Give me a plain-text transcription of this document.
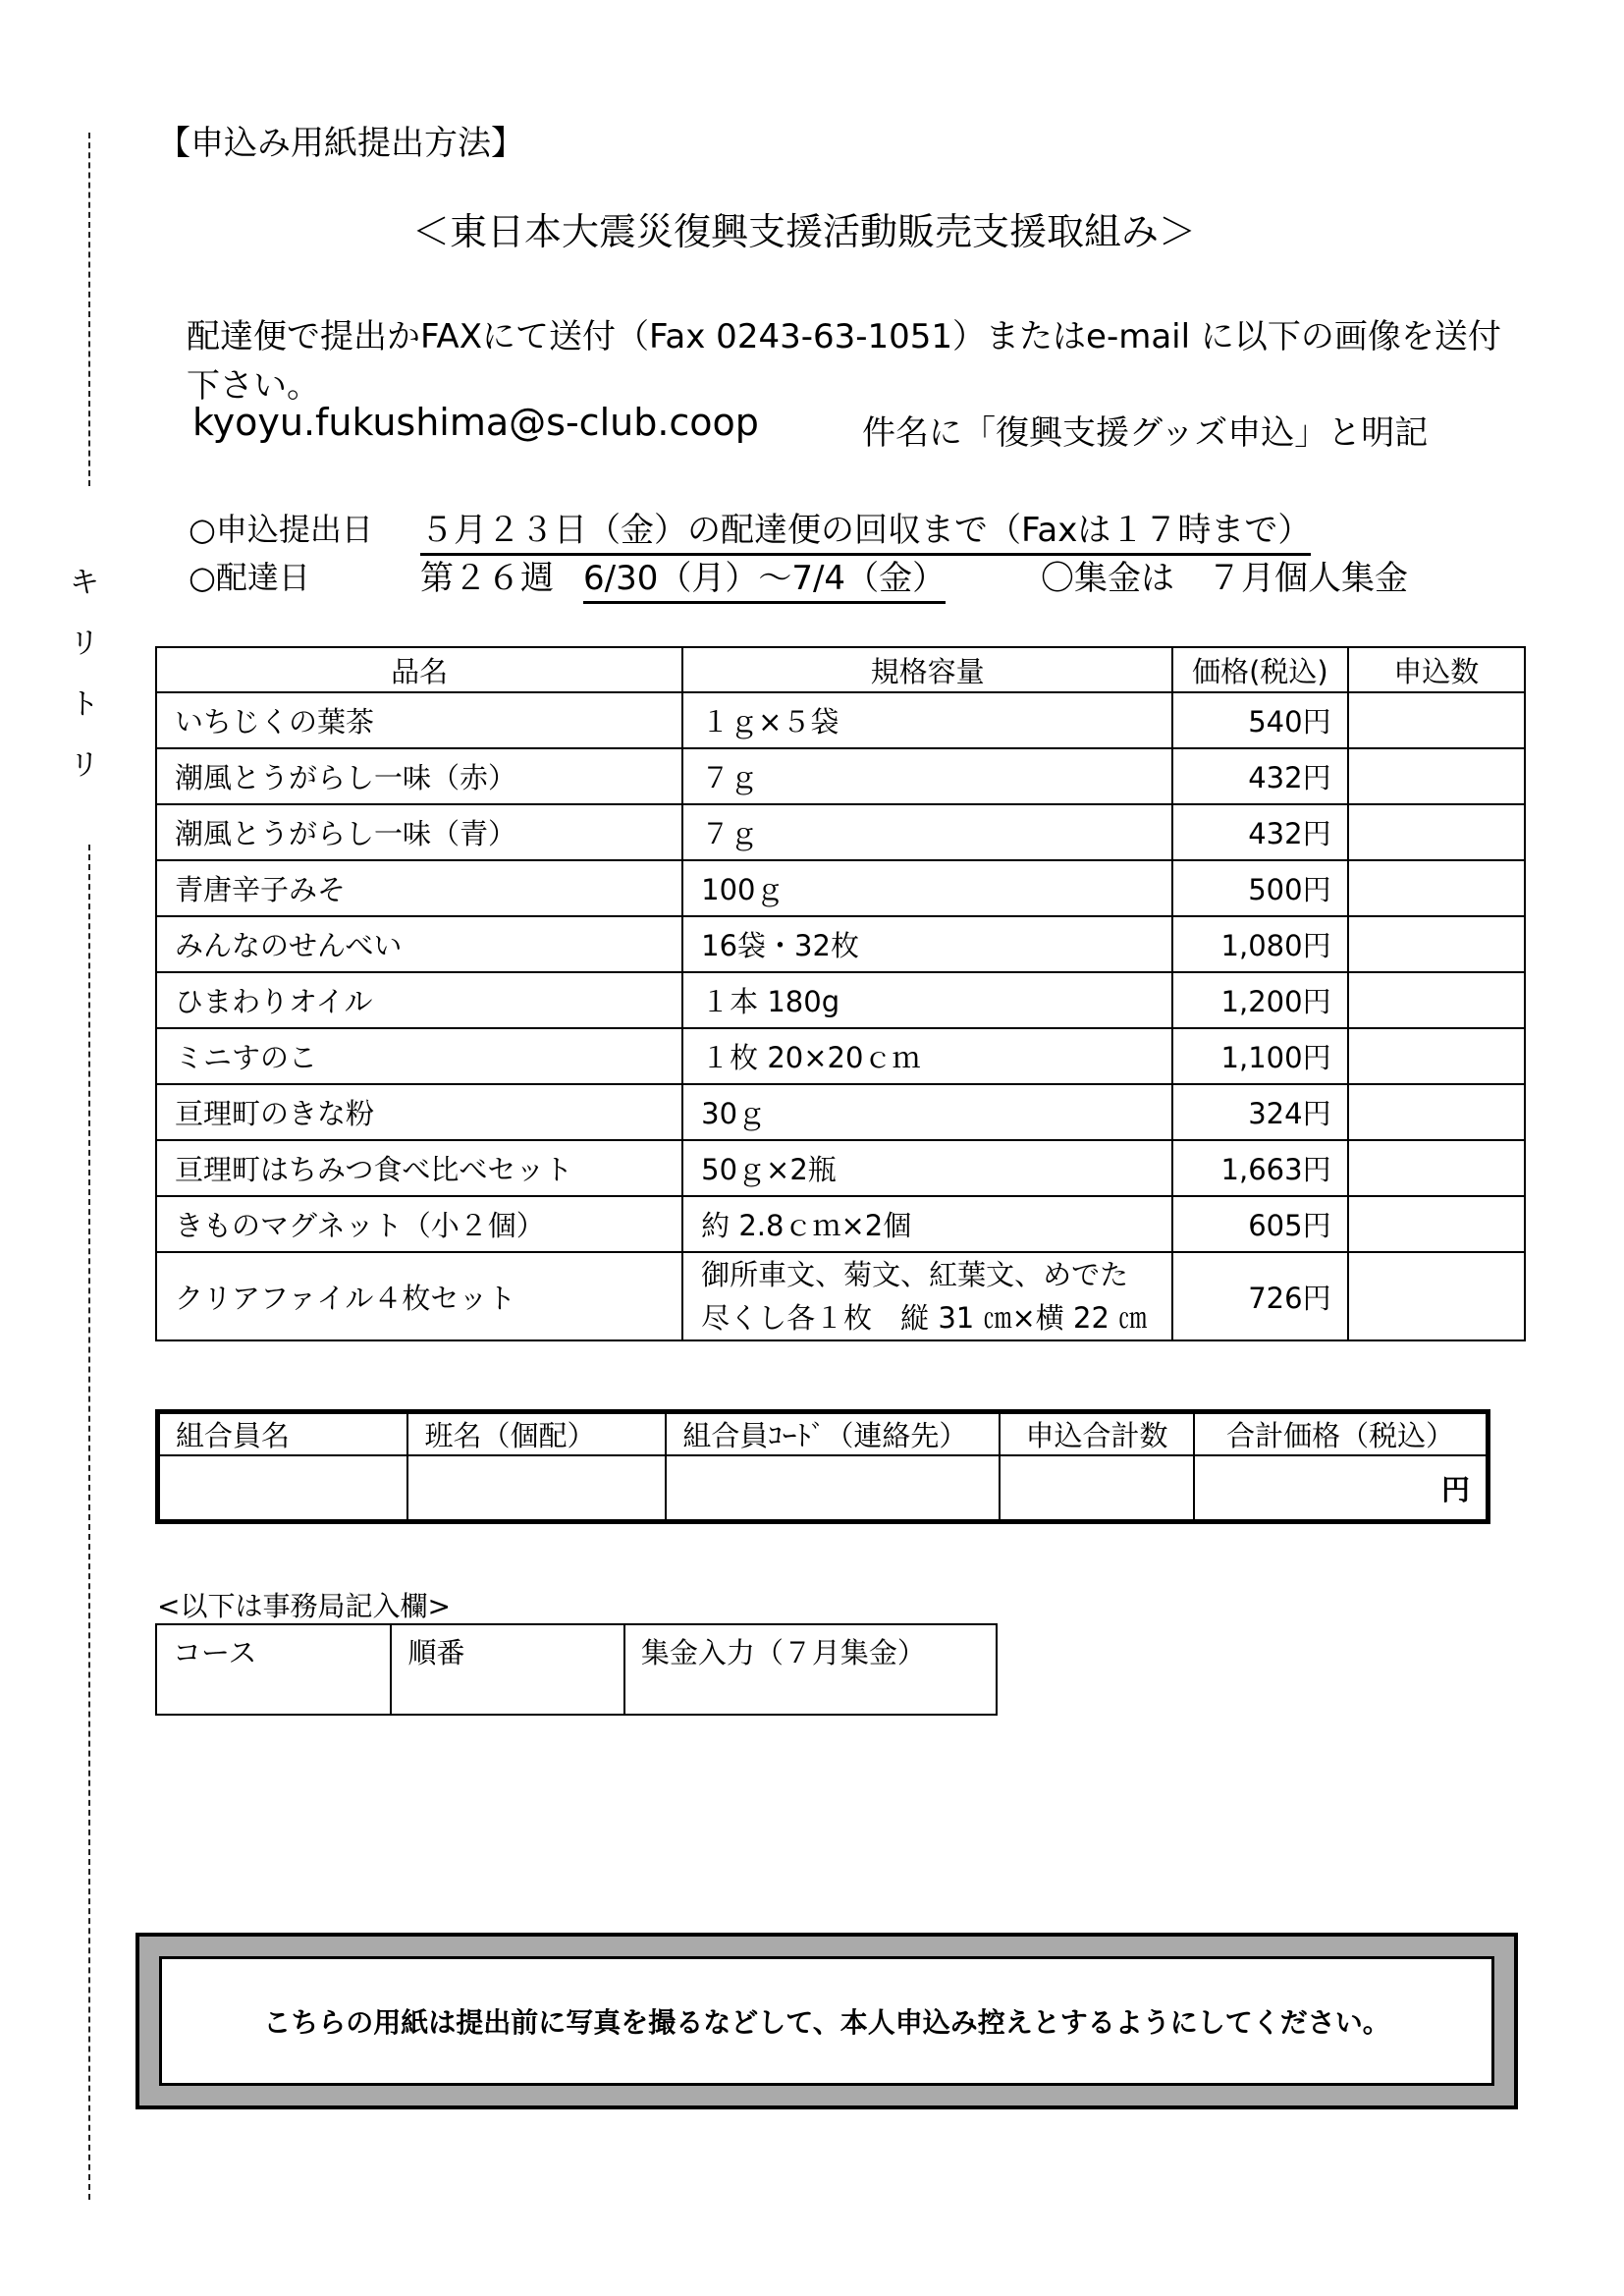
キ
リ
ト
リ
【申込み用紙提出方法】
＜東日本大震災復興支援活動販売支援取組み＞
配達便で提出かFAXにて送付（Fax 0243-63-1051）またはe-mail に以下の画像を送付下さい。
kyoyu.fukushima@s-club.coop	件名に「復興支援グッズ申込」と明記
○申込提出日 ５月２３日（金）の配達便の回収まで（Faxは１７時まで）
○配達日	第２６週 6/30（月）～7/4（金）	〇集金は　７月個人集金
品名	規格容量	価格(税込)	申込数
いちじくの葉茶	１ｇ×５袋	540円	
潮風とうがらし一味（赤）	７ｇ	432円	
潮風とうがらし一味（青）	７ｇ	432円	
青唐辛子みそ	100ｇ	500円	
みんなのせんべい	16袋・32枚	1,080円	
ひまわりオイル	１本 180g	1,200円	
ミニすのこ	１枚 20×20ｃｍ	1,100円	
亘理町のきな粉	30ｇ	324円	
亘理町はちみつ食べ比べセット	50ｇ×2瓶	1,663円	
きものマグネット（小２個）	約 2.8ｃｍ×2個	605円	
クリアファイル４枚セット	御所車文、菊文、紅葉文、めでた
尽くし各１枚　縦 31 ㎝×横 22 ㎝	726円	
組合員名	班名（個配）	組合員ｺｰﾄﾞ（連絡先）	申込合計数	合計価格（税込）
				円
<以下は事務局記入欄>
コース	順番	集金入力（７月集金）
こちらの用紙は提出前に写真を撮るなどして、本人申込み控えとするようにしてください。
